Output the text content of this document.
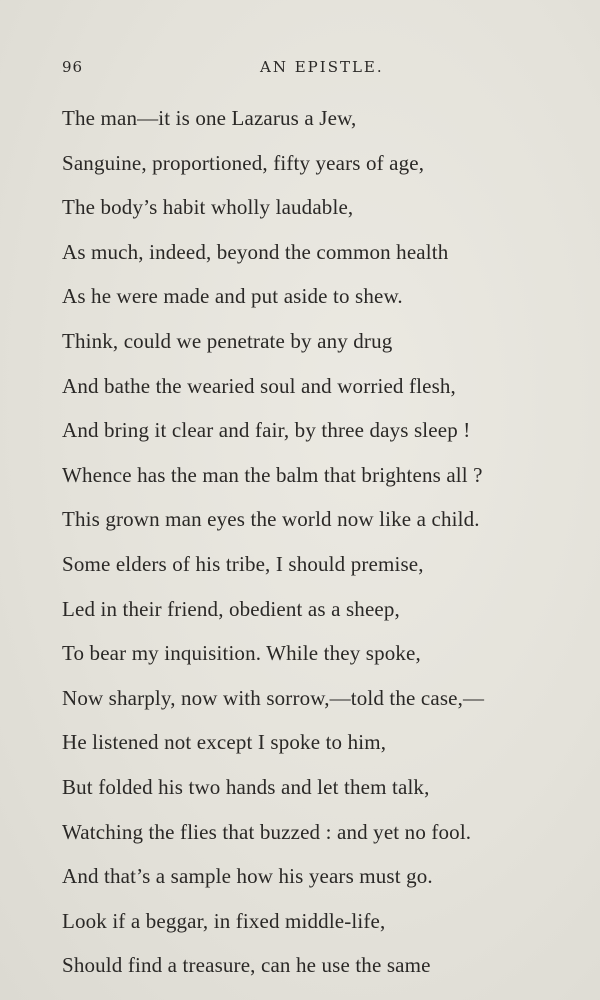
96	AN EPISTLE.
The man—it is one Lazarus a Jew,
Sanguine, proportioned, fifty years of age,
The body’s habit wholly laudable,
As much, indeed, beyond the common health
As he were made and put aside to shew.
Think, could we penetrate by any drug
And bathe the wearied soul and worried flesh,
And bring it clear and fair, by three days sleep !
Whence has the man the balm that brightens all ?
This grown man eyes the world now like a child.
Some elders of his tribe, I should premise,
Led in their friend, obedient as a sheep,
To bear my inquisition. While they spoke,
Now sharply, now with sorrow,—told the case,—
He listened not except I spoke to him,
But folded his two hands and let them talk,
Watching the flies that buzzed : and yet no fool.
And that’s a sample how his years must go.
Look if a beggar, in fixed middle-life,
Should find a treasure, can he use the same
